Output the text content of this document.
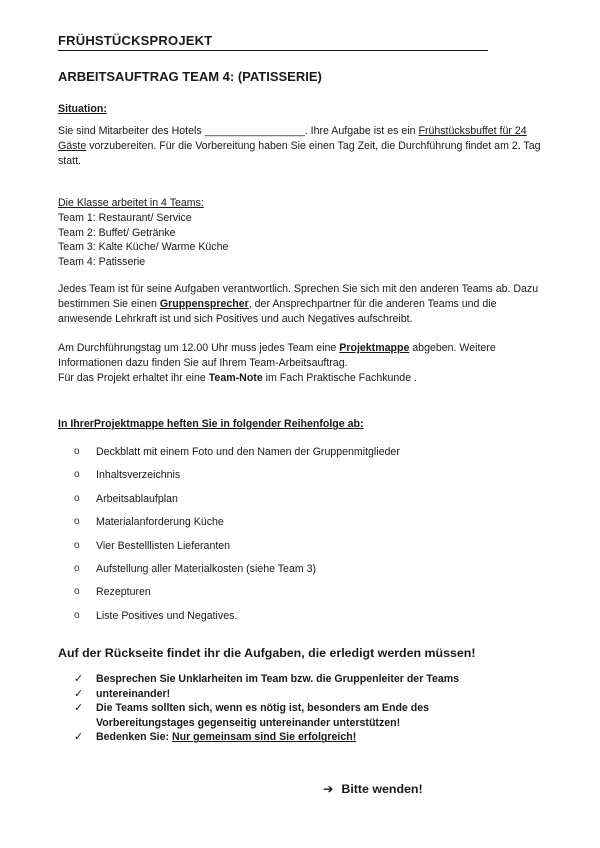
FRÜHSTÜCKSPROJEKT
ARBEITSAUFTRAG TEAM 4: (PATISSERIE)
Situation:
Sie sind Mitarbeiter des Hotels _________________. Ihre Aufgabe ist es ein Frühstücksbuffet für 24 Gäste vorzubereiten. Für die Vorbereitung haben Sie einen Tag Zeit, die Durchführung findet am 2. Tag statt.
Die Klasse arbeitet in 4 Teams:
Team 1: Restaurant/ Service
Team 2: Buffet/ Getränke
Team 3: Kalte Küche/ Warme Küche
Team 4: Patisserie
Jedes Team ist für seine Aufgaben verantwortlich. Sprechen Sie sich mit den anderen Teams ab. Dazu bestimmen Sie einen Gruppensprecher, der Ansprechpartner für die anderen Teams und die anwesende Lehrkraft ist und sich Positives und auch Negatives aufschreibt.
Am Durchführungstag um 12.00 Uhr muss jedes Team eine Projektmappe abgeben. Weitere Informationen dazu finden Sie auf Ihrem Team-Arbeitsauftrag.
Für das Projekt erhaltet ihr eine Team-Note im Fach Praktische Fachkunde .
In IhrerProjektmappe heften Sie in folgender Reihenfolge ab:
o	Deckblatt mit einem Foto und den Namen der Gruppenmitglieder
o	Inhaltsverzeichnis
o	Arbeitsablaufplan
o	Materialanforderung Küche
o	Vier Bestelllisten Lieferanten
o	Aufstellung aller Materialkosten (siehe Team 3)
o	Rezepturen
o	Liste Positives und Negatives.
Auf der Rückseite findet ihr die Aufgaben, die erledigt werden müssen!
✓	Besprechen Sie Unklarheiten im Team bzw. die Gruppenleiter der Teams
✓	untereinander!
✓	Die Teams sollten sich, wenn es nötig ist, besonders am Ende des Vorbereitungstages gegenseitig untereinander unterstützen!
✓	Bedenken Sie: Nur gemeinsam sind Sie erfolgreich!
➔ Bitte wenden!
